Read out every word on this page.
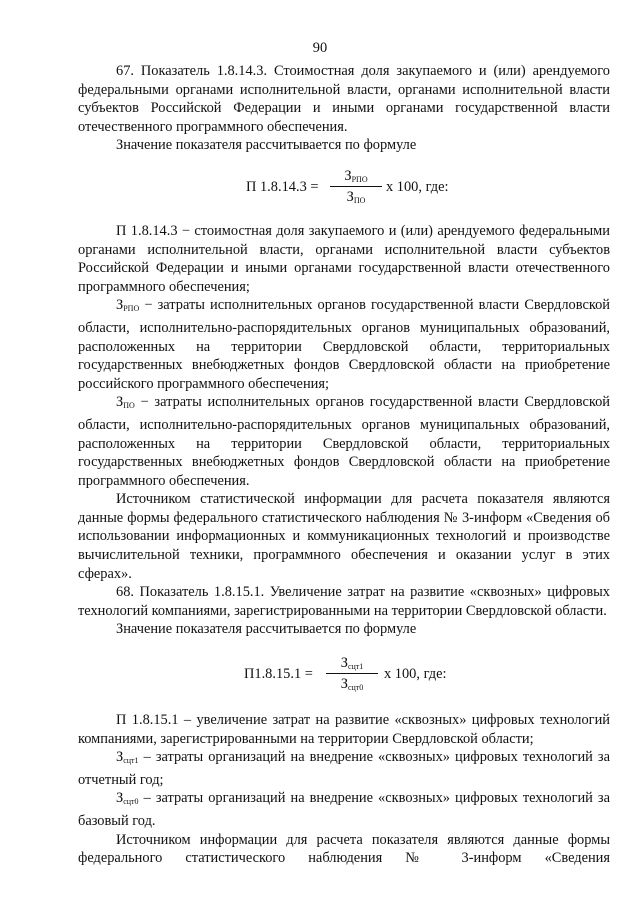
90

67. Показатель 1.8.14.3. Стоимостная доля закупаемого и (или) арендуемого федеральными органами исполнительной власти, органами исполнительной власти субъектов Российской Федерации и иными органами государственной власти отечественного программного обеспечения.

Значение показателя рассчитывается по формуле

П 1.8.14.3 =
$З_{РПО}$
$З_{ПО}$
х 100, где:

П 1.8.14.3 − стоимостная доля закупаемого и (или) арендуемого федеральными органами исполнительной власти, органами исполнительной власти субъектов Российской Федерации и иными органами государственной власти отечественного программного обеспечения;

$З_{РПО}$ − затраты исполнительных органов государственной власти Свердловской области, исполнительно-распорядительных органов муниципальных образований, расположенных на территории Свердловской области, территориальных государственных внебюджетных фондов Свердловской области на приобретение российского программного обеспечения;

$З_{ПО}$ − затраты исполнительных органов государственной власти Свердловской области, исполнительно-распорядительных органов муниципальных образований, расположенных на территории Свердловской области, территориальных государственных внебюджетных фондов Свердловской области на приобретение программного обеспечения.

Источником статистической информации для расчета показателя являются данные формы федерального статистического наблюдения № 3-информ «Сведения об использовании информационных и коммуникационных технологий и производстве вычислительной техники, программного обеспечения и оказании услуг в этих сферах».

68. Показатель 1.8.15.1. Увеличение затрат на развитие «сквозных» цифровых технологий компаниями, зарегистрированными на территории Свердловской области.

Значение показателя рассчитывается по формуле

П1.8.15.1 =
$З_{сцт1}$
$З_{сцт0}$
х 100, где:

П 1.8.15.1 – увеличение затрат на развитие «сквозных» цифровых технологий компаниями, зарегистрированными на территории Свердловской области;

$З_{сцт1}$ – затраты организаций на внедрение «сквозных» цифровых технологий за отчетный год;

$З_{сцт0}$ – затраты организаций на внедрение «сквозных» цифровых технологий за базовый год.

Источником информации для расчета показателя являются данные формы федерального статистического наблюдения № 3-информ «Сведения
